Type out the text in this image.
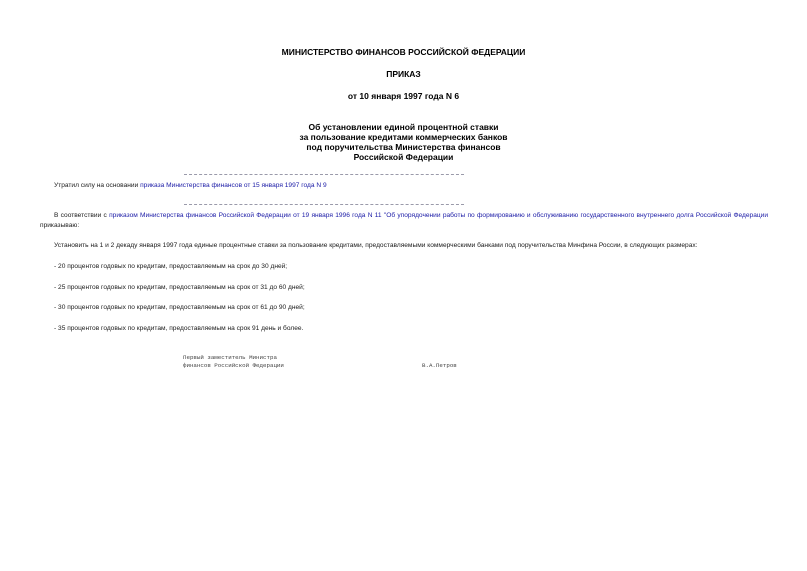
МИНИСТЕРСТВО ФИНАНСОВ РОССИЙСКОЙ ФЕДЕРАЦИИ
ПРИКАЗ
от 10 января 1997 года N 6
Об установлении единой процентной ставки
за пользование кредитами коммерческих банков
под поручительства Министерства финансов
Российской Федерации
Утратил силу на основании приказа Министерства финансов от 15 января 1997 года N 9
В соответствии с приказом Министерства финансов Российской Федерации от 19 января 1996 года N 11 "Об упорядочении работы по формированию и обслуживанию государственного внутреннего долга Российской Федерации приказываю:
Установить на 1 и 2 декаду января 1997 года единые процентные ставки за пользование кредитами, предоставляемыми коммерческими банками под поручительства Минфина России, в следующих размерах:
- 20 процентов годовых по кредитам, предоставляемым на срок до 30 дней;
- 25 процентов годовых по кредитам, предоставляемым на срок от 31 до 60 дней;
- 30 процентов годовых по кредитам, предоставляемым на срок от 61 до 90 дней;
- 35 процентов годовых по кредитам, предоставляемым на срок 91 день и более.
Первый заместитель Министра
финансов Российской Федерации	В.А.Петров
